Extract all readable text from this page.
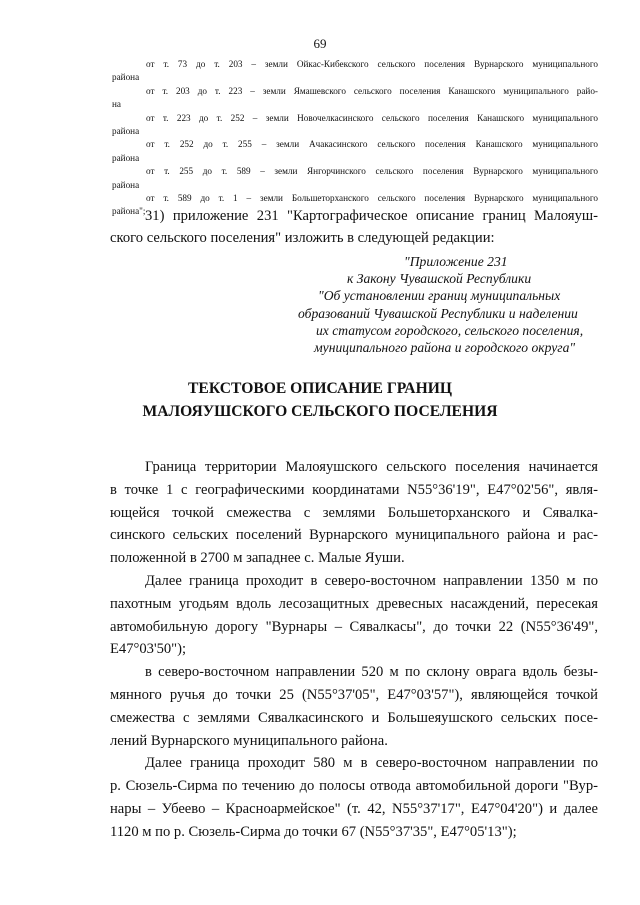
69
от т. 73 до т. 203 – земли Ойкас-Кибекского сельского поселения Вурнарского муниципального
района
от т. 203 до т. 223 – земли Ямашевского сельского поселения Канашского муниципального райо-
на
от т. 223 до т. 252 – земли Новочелкасинского сельского поселения Канашского муниципального
района
от т. 252 до т. 255 – земли Ачакасинского сельского поселения Канашского муниципального
района
от т. 255 до т. 589 – земли Янгорчинского сельского поселения Вурнарского муниципального
района
от т. 589 до т. 1 – земли Большеторханского сельского поселения Вурнарского муниципального
района"; 31) приложение 231 "Картографическое описание границ Малояуш-
ского сельского поселения" изложить в следующей редакции:
"Приложение 231
к Закону Чувашской Республики
"Об установлении границ муниципальных
образований Чувашской Республики и наделении
их статусом городского, сельского поселения,
муниципального района и городского округа"
ТЕКСТОВОЕ ОПИСАНИЕ ГРАНИЦ
МАЛОЯУШСКОГО СЕЛЬСКОГО ПОСЕЛЕНИЯ
Граница территории Малояушского сельского поселения начинается
в точке 1 с географическими координатами N55°36'19", E47°02'56", явля-
ющейся точкой смежества с землями Большеторханского и Сявалка-
синского сельских поселений Вурнарского муниципального района и рас-
положенной в 2700 м западнее с. Малые Яуши.
Далее граница проходит в северо-восточном направлении 1350 м по
пахотным угодьям вдоль лесозащитных древесных насаждений, пересекая
автомобильную дорогу "Вурнары – Сявалкасы", до точки 22 (N55°36'49",
E47°03'50");
в северо-восточном направлении 520 м по склону оврага вдоль безы-
мянного ручья до точки 25 (N55°37'05", E47°03'57"), являющейся точкой
смежества с землями Сявалкасинского и Большеяушского сельских посе-
лений Вурнарского муниципального района.
Далее граница проходит 580 м в северо-восточном направлении по
р. Сюзель-Сирма по течению до полосы отвода автомобильной дороги "Вур-
нары – Убеево – Красноармейское" (т. 42, N55°37'17", E47°04'20") и далее
1120 м по р. Сюзель-Сирма до точки 67 (N55°37'35", E47°05'13");
